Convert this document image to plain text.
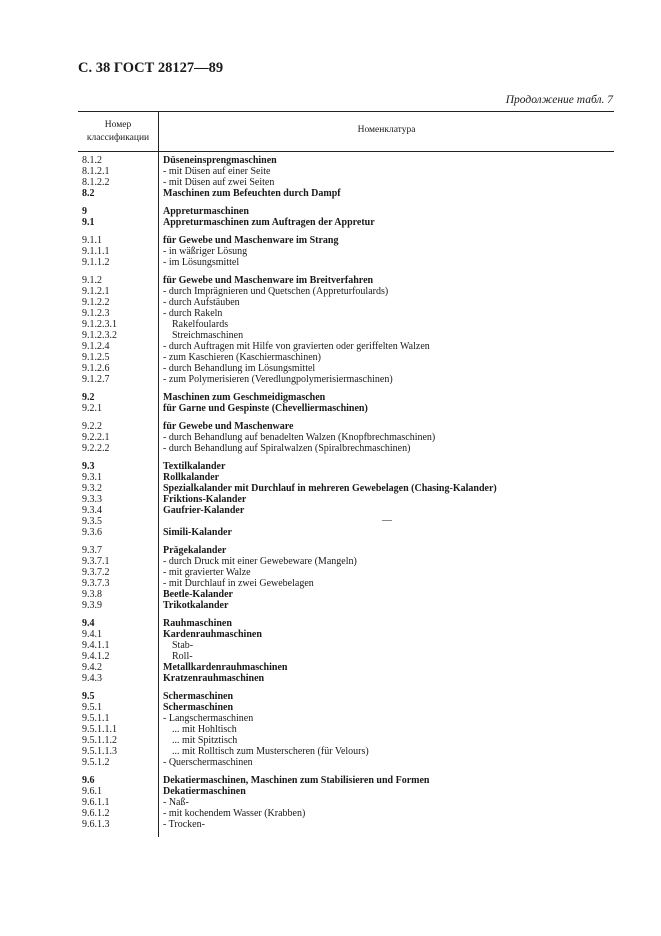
С. 38 ГОСТ 28127—89
Продолжение табл. 7
Номер
классификации
Номенклатура
8.1.2	Düseneinsprengmaschinen
8.1.2.1	- mit Düsen auf einer Seite
8.1.2.2	- mit Düsen auf zwei Seiten
8.2	Maschinen zum Befeuchten durch Dampf
9	Appreturmaschinen
9.1	Appreturmaschinen zum Auftragen der Appretur
9.1.1	für Gewebe und Maschenware im Strang
9.1.1.1	- in wäßriger Lösung
9.1.1.2	- im Lösungsmittel
9.1.2	für Gewebe und Maschenware im Breitverfahren
9.1.2.1	- durch Imprägnieren und Quetschen (Appreturfoulards)
9.1.2.2	- durch Aufstäuben
9.1.2.3	- durch Rakeln
9.1.2.3.1	Rakelfoulards
9.1.2.3.2	Streichmaschinen
9.1.2.4	- durch Auftragen mit Hilfe von gravierten oder geriffelten Walzen
9.1.2.5	- zum Kaschieren (Kaschiermaschinen)
9.1.2.6	- durch Behandlung im Lösungsmittel
9.1.2.7	- zum Polymerisieren (Veredlungpolymerisiermaschinen)
9.2	Maschinen zum Geschmeidigmaschen
9.2.1	für Garne und Gespinste (Chevelliermaschinen)
9.2.2	für Gewebe und Maschenware
9.2.2.1	- durch Behandlung auf benadelten Walzen (Knopfbrechmaschinen)
9.2.2.2	- durch Behandlung auf Spiralwalzen (Spiralbrechmaschinen)
9.3	Textilkalander
9.3.1	Rollkalander
9.3.2	Spezialkalander mit Durchlauf in mehreren Gewebelagen (Chasing-Kalander)
9.3.3	Friktions-Kalander
9.3.4	Gaufrier-Kalander
9.3.5	—
9.3.6	Simili-Kalander
9.3.7	Prägekalander
9.3.7.1	- durch Druck mit einer Gewebeware (Mangeln)
9.3.7.2	- mit gravierter Walze
9.3.7.3	- mit Durchlauf in zwei Gewebelagen
9.3.8	Beetle-Kalander
9.3.9	Trikotkalander
9.4	Rauhmaschinen
9.4.1	Kardenrauhmaschinen
9.4.1.1	Stab-
9.4.1.2	Roll-
9.4.2	Metallkardenrauhmaschinen
9.4.3	Kratzenrauhmaschinen
9.5	Schermaschinen
9.5.1	Schermaschinen
9.5.1.1	- Langschermaschinen
9.5.1.1.1	... mit Hohltisch
9.5.1.1.2	... mit Spitztisch
9.5.1.1.3	... mit Rolltisch zum Musterscheren (für Velours)
9.5.1.2	- Querschermaschinen
9.6	Dekatiermaschinen, Maschinen zum Stabilisieren und Formen
9.6.1	Dekatiermaschinen
9.6.1.1	- Naß-
9.6.1.2	- mit kochendem Wasser (Krabben)
9.6.1.3	- Trocken-
